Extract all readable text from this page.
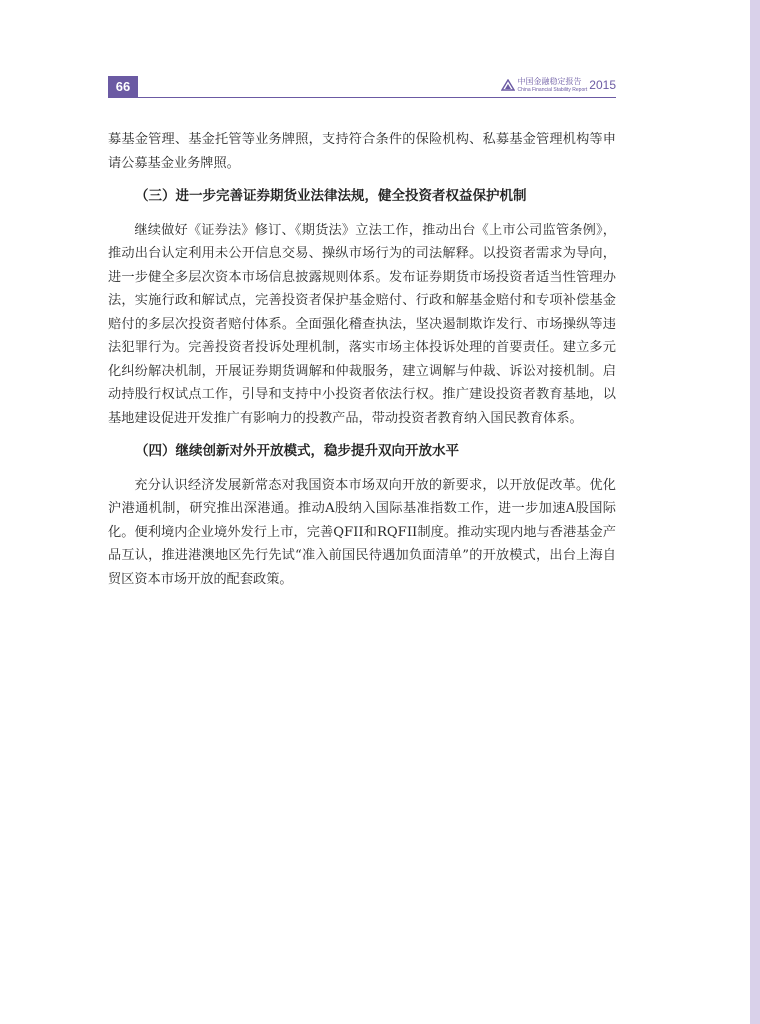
66	中国金融稳定报告
China Financial Stability Report 2015

募基金管理、基金托管等业务牌照，支持符合条件的保险机构、私募基金管理机构等申请公募基金业务牌照。

（三）进一步完善证券期货业法律法规，健全投资者权益保护机制

继续做好《证券法》修订、《期货法》立法工作，推动出台《上市公司监管条例》，推动出台认定利用未公开信息交易、操纵市场行为的司法解释。以投资者需求为导向，进一步健全多层次资本市场信息披露规则体系。发布证券期货市场投资者适当性管理办法，实施行政和解试点，完善投资者保护基金赔付、行政和解基金赔付和专项补偿基金赔付的多层次投资者赔付体系。全面强化稽查执法，坚决遏制欺诈发行、市场操纵等违法犯罪行为。完善投资者投诉处理机制，落实市场主体投诉处理的首要责任。建立多元化纠纷解决机制，开展证券期货调解和仲裁服务，建立调解与仲裁、诉讼对接机制。启动持股行权试点工作，引导和支持中小投资者依法行权。推广建设投资者教育基地，以基地建设促进开发推广有影响力的投教产品，带动投资者教育纳入国民教育体系。

（四）继续创新对外开放模式，稳步提升双向开放水平

充分认识经济发展新常态对我国资本市场双向开放的新要求，以开放促改革。优化沪港通机制，研究推出深港通。推动A股纳入国际基准指数工作，进一步加速A股国际化。便利境内企业境外发行上市，完善QFII和RQFII制度。推动实现内地与香港基金产品互认，推进港澳地区先行先试“准入前国民待遇加负面清单”的开放模式，出台上海自贸区资本市场开放的配套政策。
